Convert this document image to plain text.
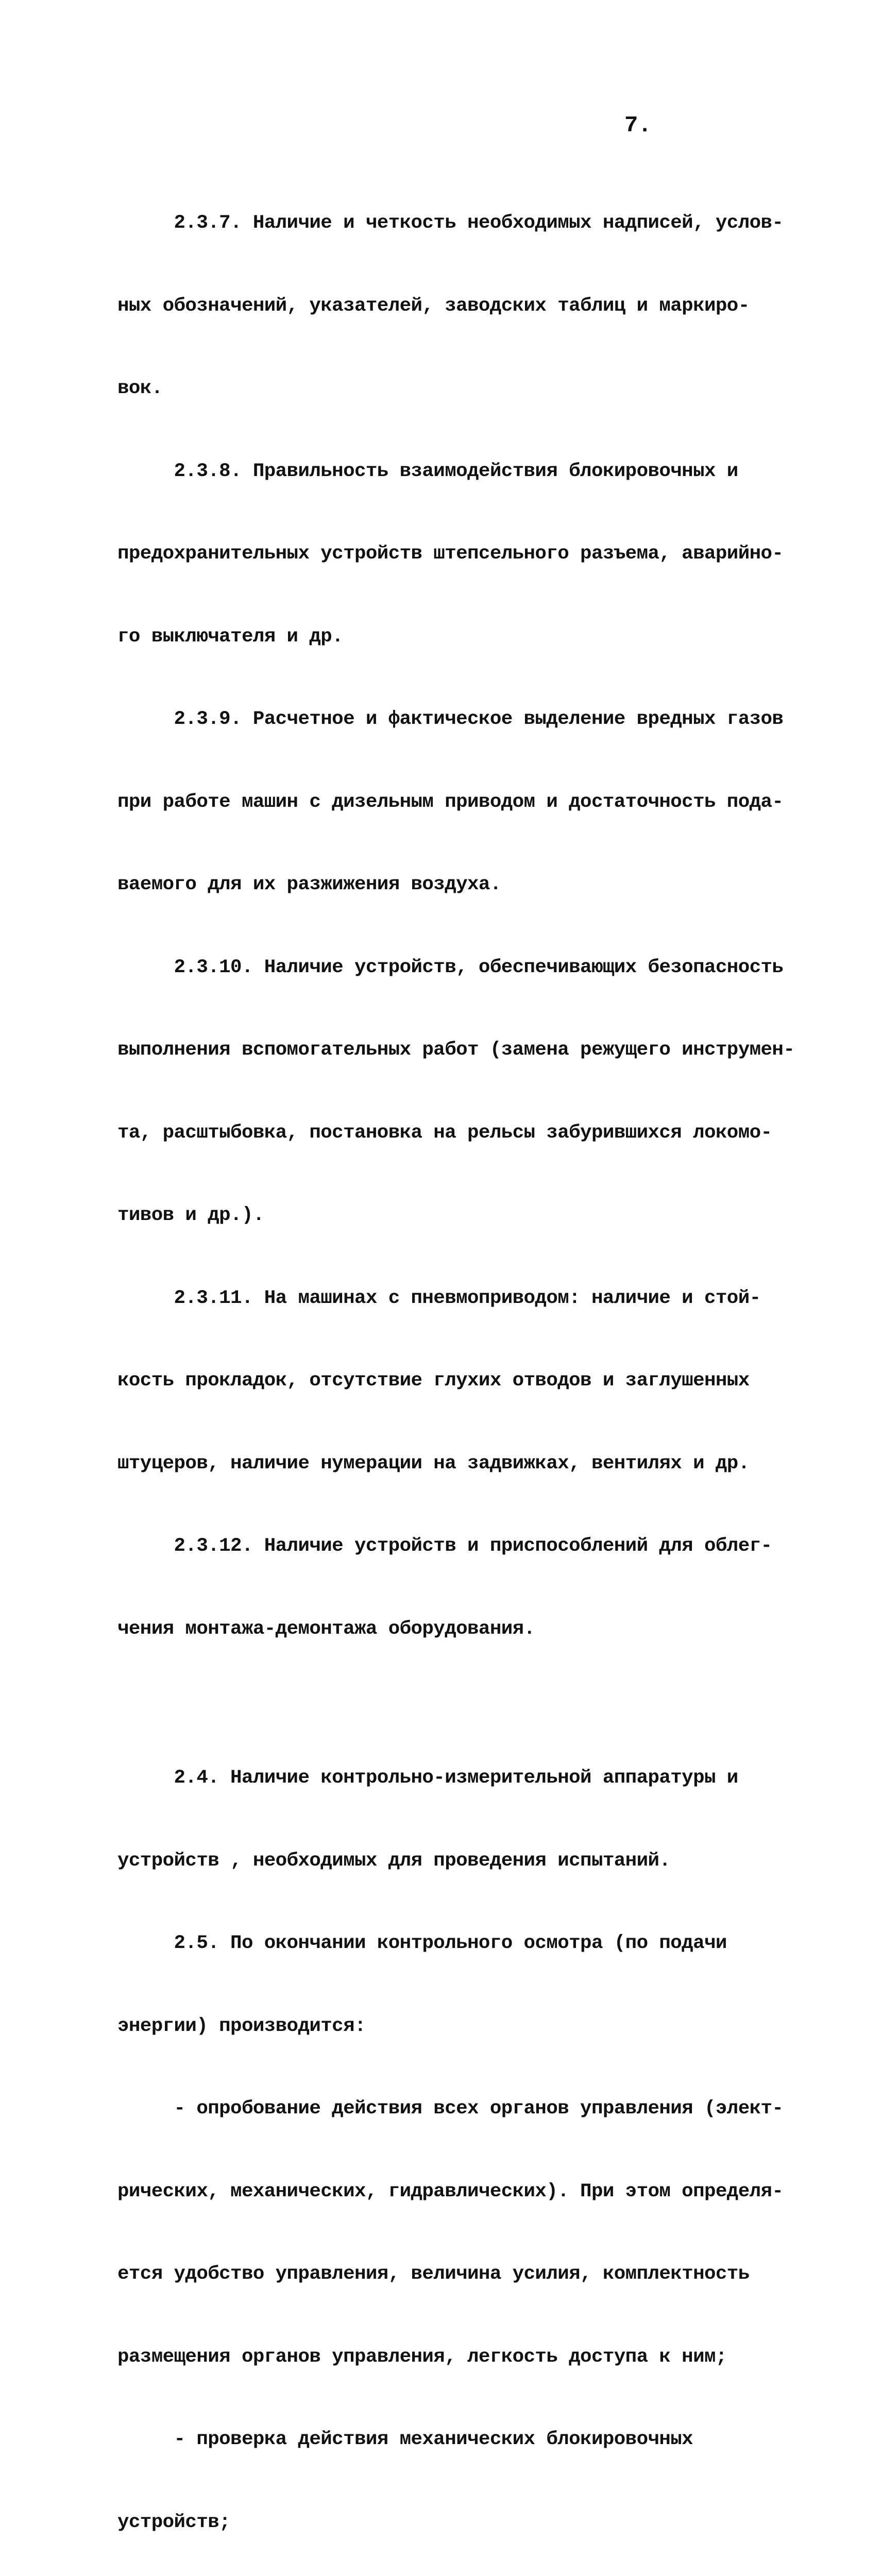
7.

2.3.7. Наличие и четкость необходимых надписей, услов-

ных обозначений, указателей, заводских таблиц и маркиро-

вок.

2.3.8. Правильность взаимодействия блокировочных и

предохранительных устройств штепсельного разъема, аварийно-

го выключателя и др.

2.3.9. Расчетное и фактическое выделение вредных газов

при работе машин с дизельным приводом и достаточность пода-

ваемого для их разжижения воздуха.

2.3.10. Наличие устройств, обеспечивающих безопасность

выполнения вспомогательных работ (замена режущего инструмен-

та, расштыбовка, постановка на рельсы забурившихся локомо-

тивов и др.).

2.3.11. На машинах с пневмоприводом: наличие и стой-

кость прокладок, отсутствие глухих отводов и заглушенных

штуцеров, наличие нумерации на задвижках, вентилях и др.

2.3.12. Наличие устройств и приспособлений для облег-

чения монтажа-демонтажа оборудования.

2.4. Наличие контрольно-измерительной аппаратуры и

устройств , необходимых для проведения испытаний.

2.5. По окончании контрольного осмотра (по подачи

энергии) производится:

- опробование действия всех органов управления (элект-

рических, механических, гидравлических). При этом определя-

ется удобство управления, величина усилия, комплектность

размещения органов управления, легкость доступа к ним;

- проверка действия механических блокировочных

устройств;
